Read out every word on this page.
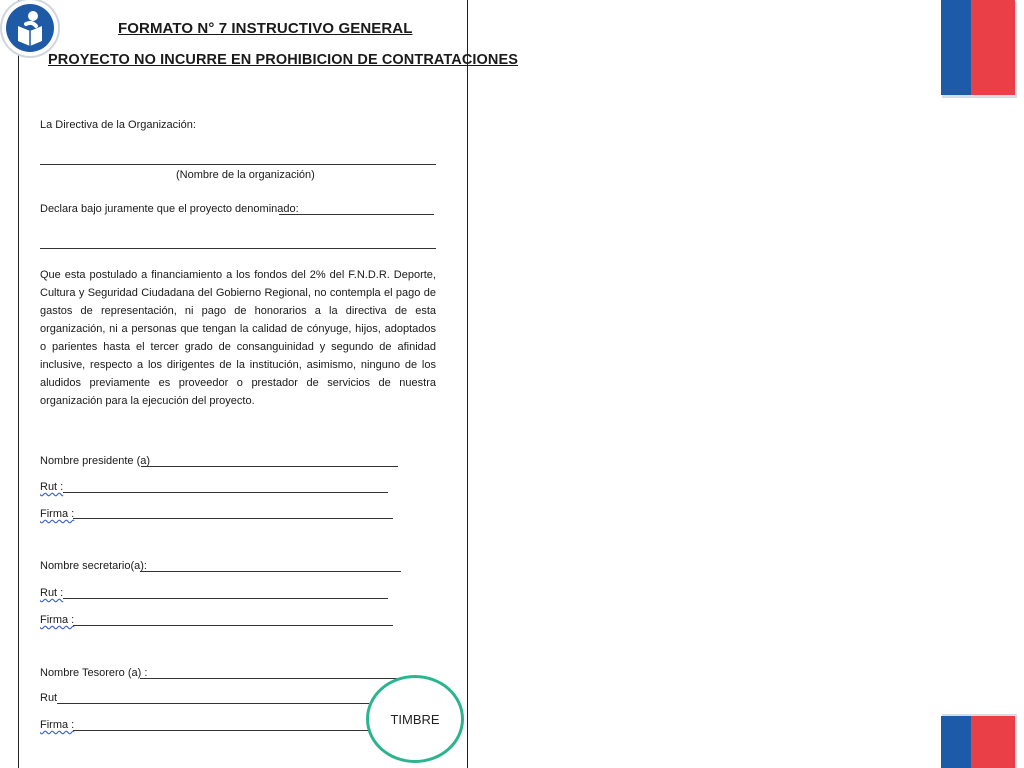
FORMATO N° 7 INSTRUCTIVO GENERAL
PROYECTO NO INCURRE EN PROHIBICION DE CONTRATACIONES
La Directiva de la Organización:
(Nombre de la organización)
Declara bajo juramente que el proyecto denominado:
Que esta postulado a financiamiento a los fondos del 2% del F.N.D.R. Deporte, Cultura y Seguridad Ciudadana del Gobierno Regional, no contempla el pago de gastos de representación, ni pago de honorarios a la directiva de esta organización, ni a personas que tengan la calidad de cónyuge, hijos, adoptados o parientes hasta el tercer grado de consanguinidad y segundo de afinidad inclusive, respecto a los dirigentes de la institución, asimismo, ninguno de los aludidos previamente es proveedor o prestador de servicios de nuestra organización para la ejecución del proyecto.
Nombre presidente (a)
Rut :
Firma :
Nombre secretario(a):
Rut :
Firma :
Nombre Tesorero (a) :
Rut
Firma :	TIMBRE
